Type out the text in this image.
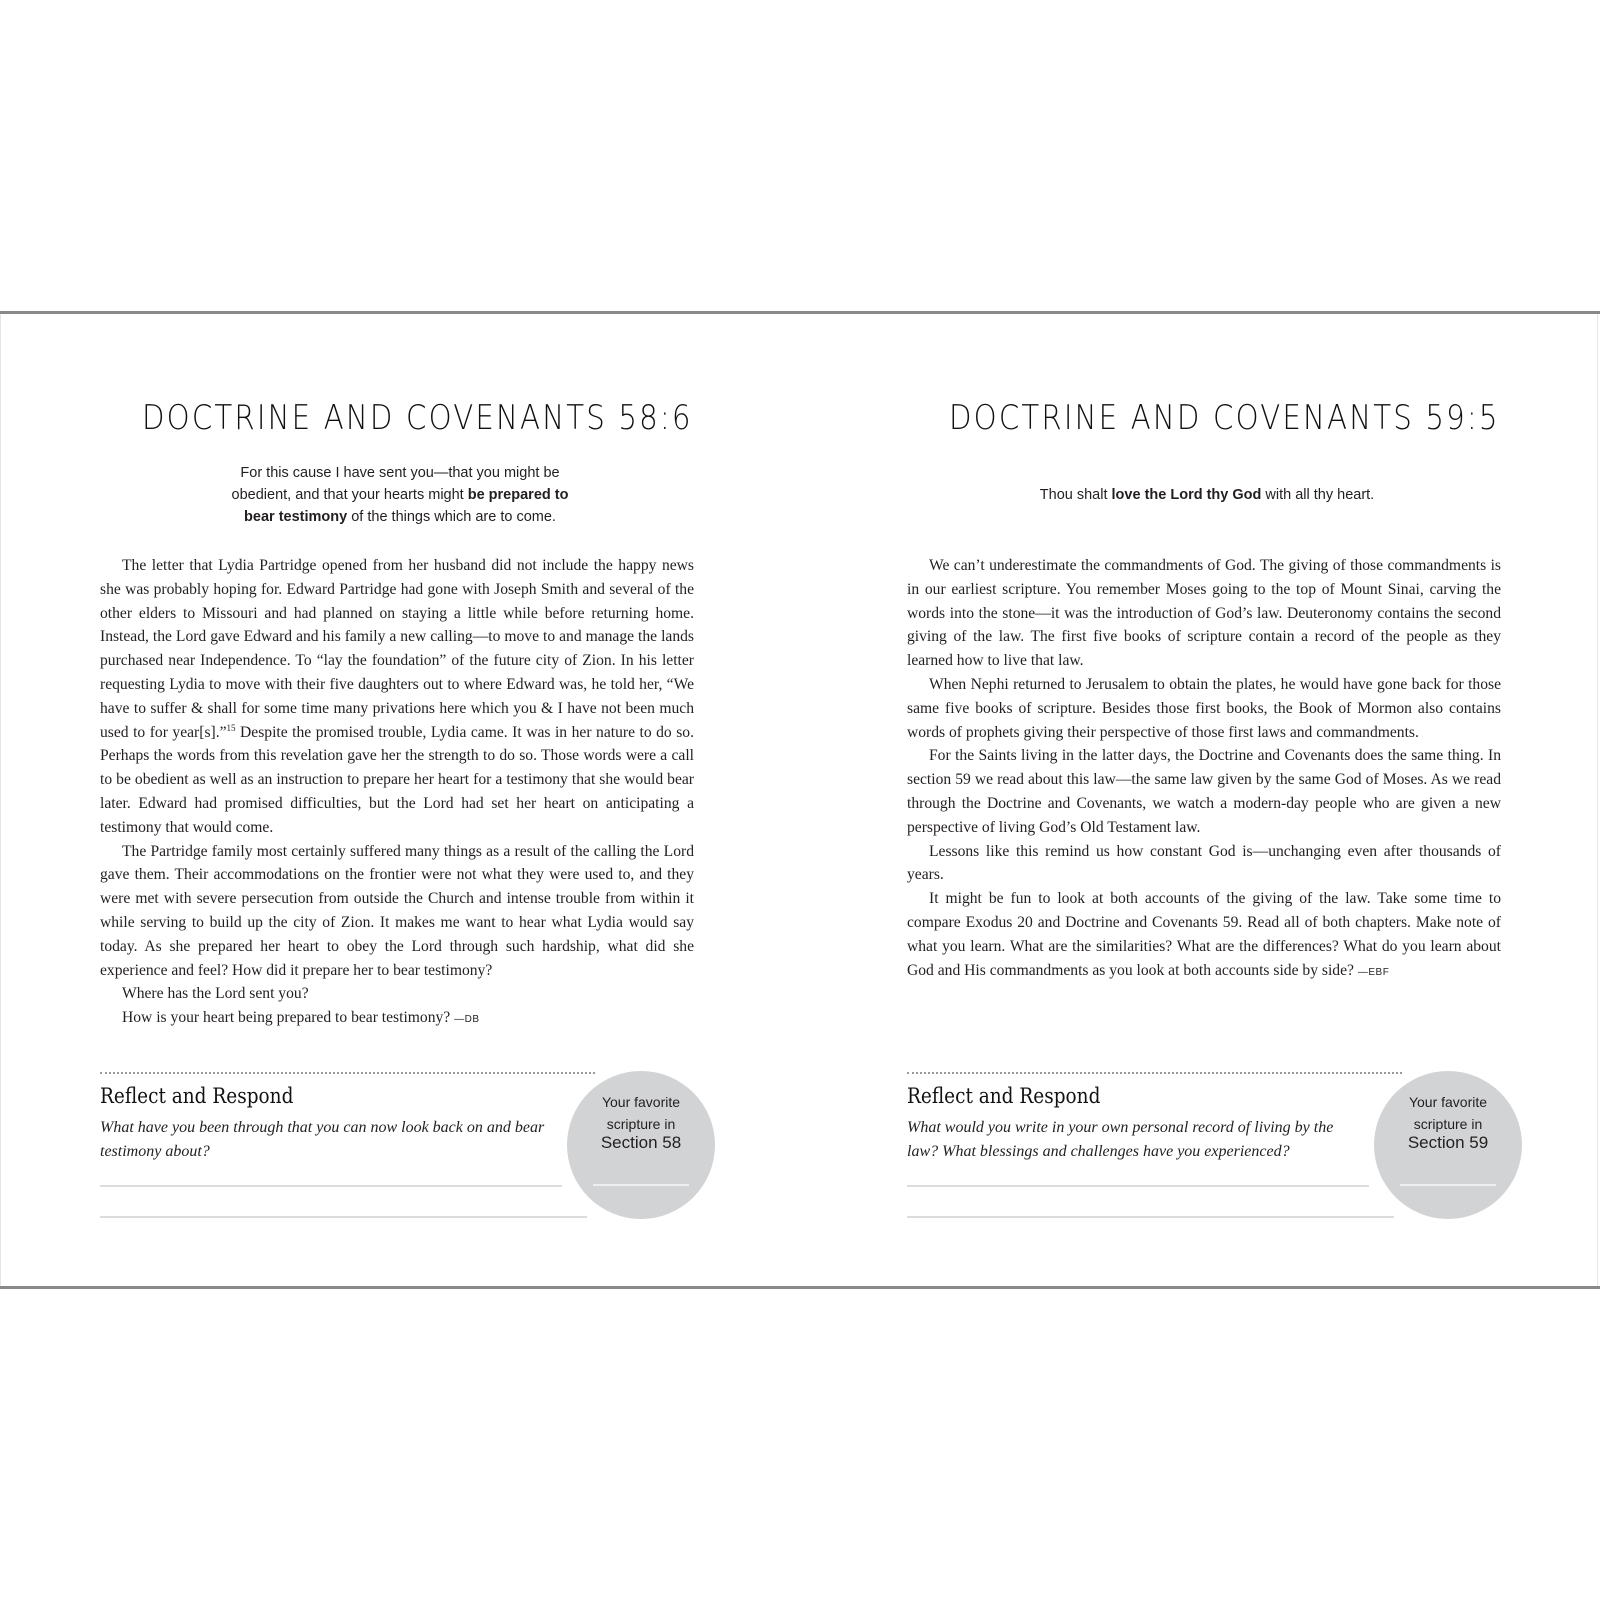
DOCTRINE AND COVENANTS 58:6
For this cause I have sent you—that you might be
obedient, and that your hearts might be prepared to
bear testimony of the things which are to come.

The letter that Lydia Partridge opened from her husband did not include the happy news she was probably hoping for. Edward Partridge had gone with Joseph Smith and several of the other elders to Missouri and had planned on staying a little while before returning home. Instead, the Lord gave Edward and his family a new calling—to move to and manage the lands purchased near Independence. To “lay the foundation” of the future city of Zion. In his letter requesting Lydia to move with their five daughters out to where Edward was, he told her, “We have to suffer & shall for some time many privations here which you & I have not been much used to for year[s].”$^{15}$ Despite the promised trouble, Lydia came. It was in her nature to do so. Perhaps the words from this revelation gave her the strength to do so. Those words were a call to be obedient as well as an instruction to prepare her heart for a testimony that she would bear later. Edward had promised difficulties, but the Lord had set her heart on anticipating a testimony that would come.

The Partridge family most certainly suffered many things as a result of the calling the Lord gave them. Their accommodations on the frontier were not what they were used to, and they were met with severe persecution from outside the Church and intense trouble from within it while serving to build up the city of Zion. It makes me want to hear what Lydia would say today. As she prepared her heart to obey the Lord through such hardship, what did she experience and feel? How did it prepare her to bear testimony?

Where has the Lord sent you?

How is your heart being prepared to bear testimony? —DB

Reflect and Respond
What have you been through that you can now look back on and bear testimony about?
Your favorite
scripture in
Section 58
DOCTRINE AND COVENANTS 59:5
Thou shalt love the Lord thy God with all thy heart.

We can’t underestimate the commandments of God. The giving of those commandments is in our earliest scripture. You remember Moses going to the top of Mount Sinai, carving the words into the stone—it was the introduction of God’s law. Deuteronomy contains the second giving of the law. The first five books of scripture contain a record of the people as they learned how to live that law.

When Nephi returned to Jerusalem to obtain the plates, he would have gone back for those same five books of scripture. Besides those first books, the Book of Mormon also contains words of prophets giving their perspective of those first laws and commandments.

For the Saints living in the latter days, the Doctrine and Covenants does the same thing. In section 59 we read about this law—the same law given by the same God of Moses. As we read through the Doctrine and Covenants, we watch a modern-day people who are given a new perspective of living God’s Old Testament law.

Lessons like this remind us how constant God is—unchanging even after thousands of years.

It might be fun to look at both accounts of the giving of the law. Take some time to compare Exodus 20 and Doctrine and Covenants 59. Read all of both chapters. Make note of what you learn. What are the similarities? What are the differences? What do you learn about God and His commandments as you look at both accounts side by side? —EBF

Reflect and Respond
What would you write in your own personal record of living by the law? What blessings and challenges have you experienced?
Your favorite
scripture in
Section 59
